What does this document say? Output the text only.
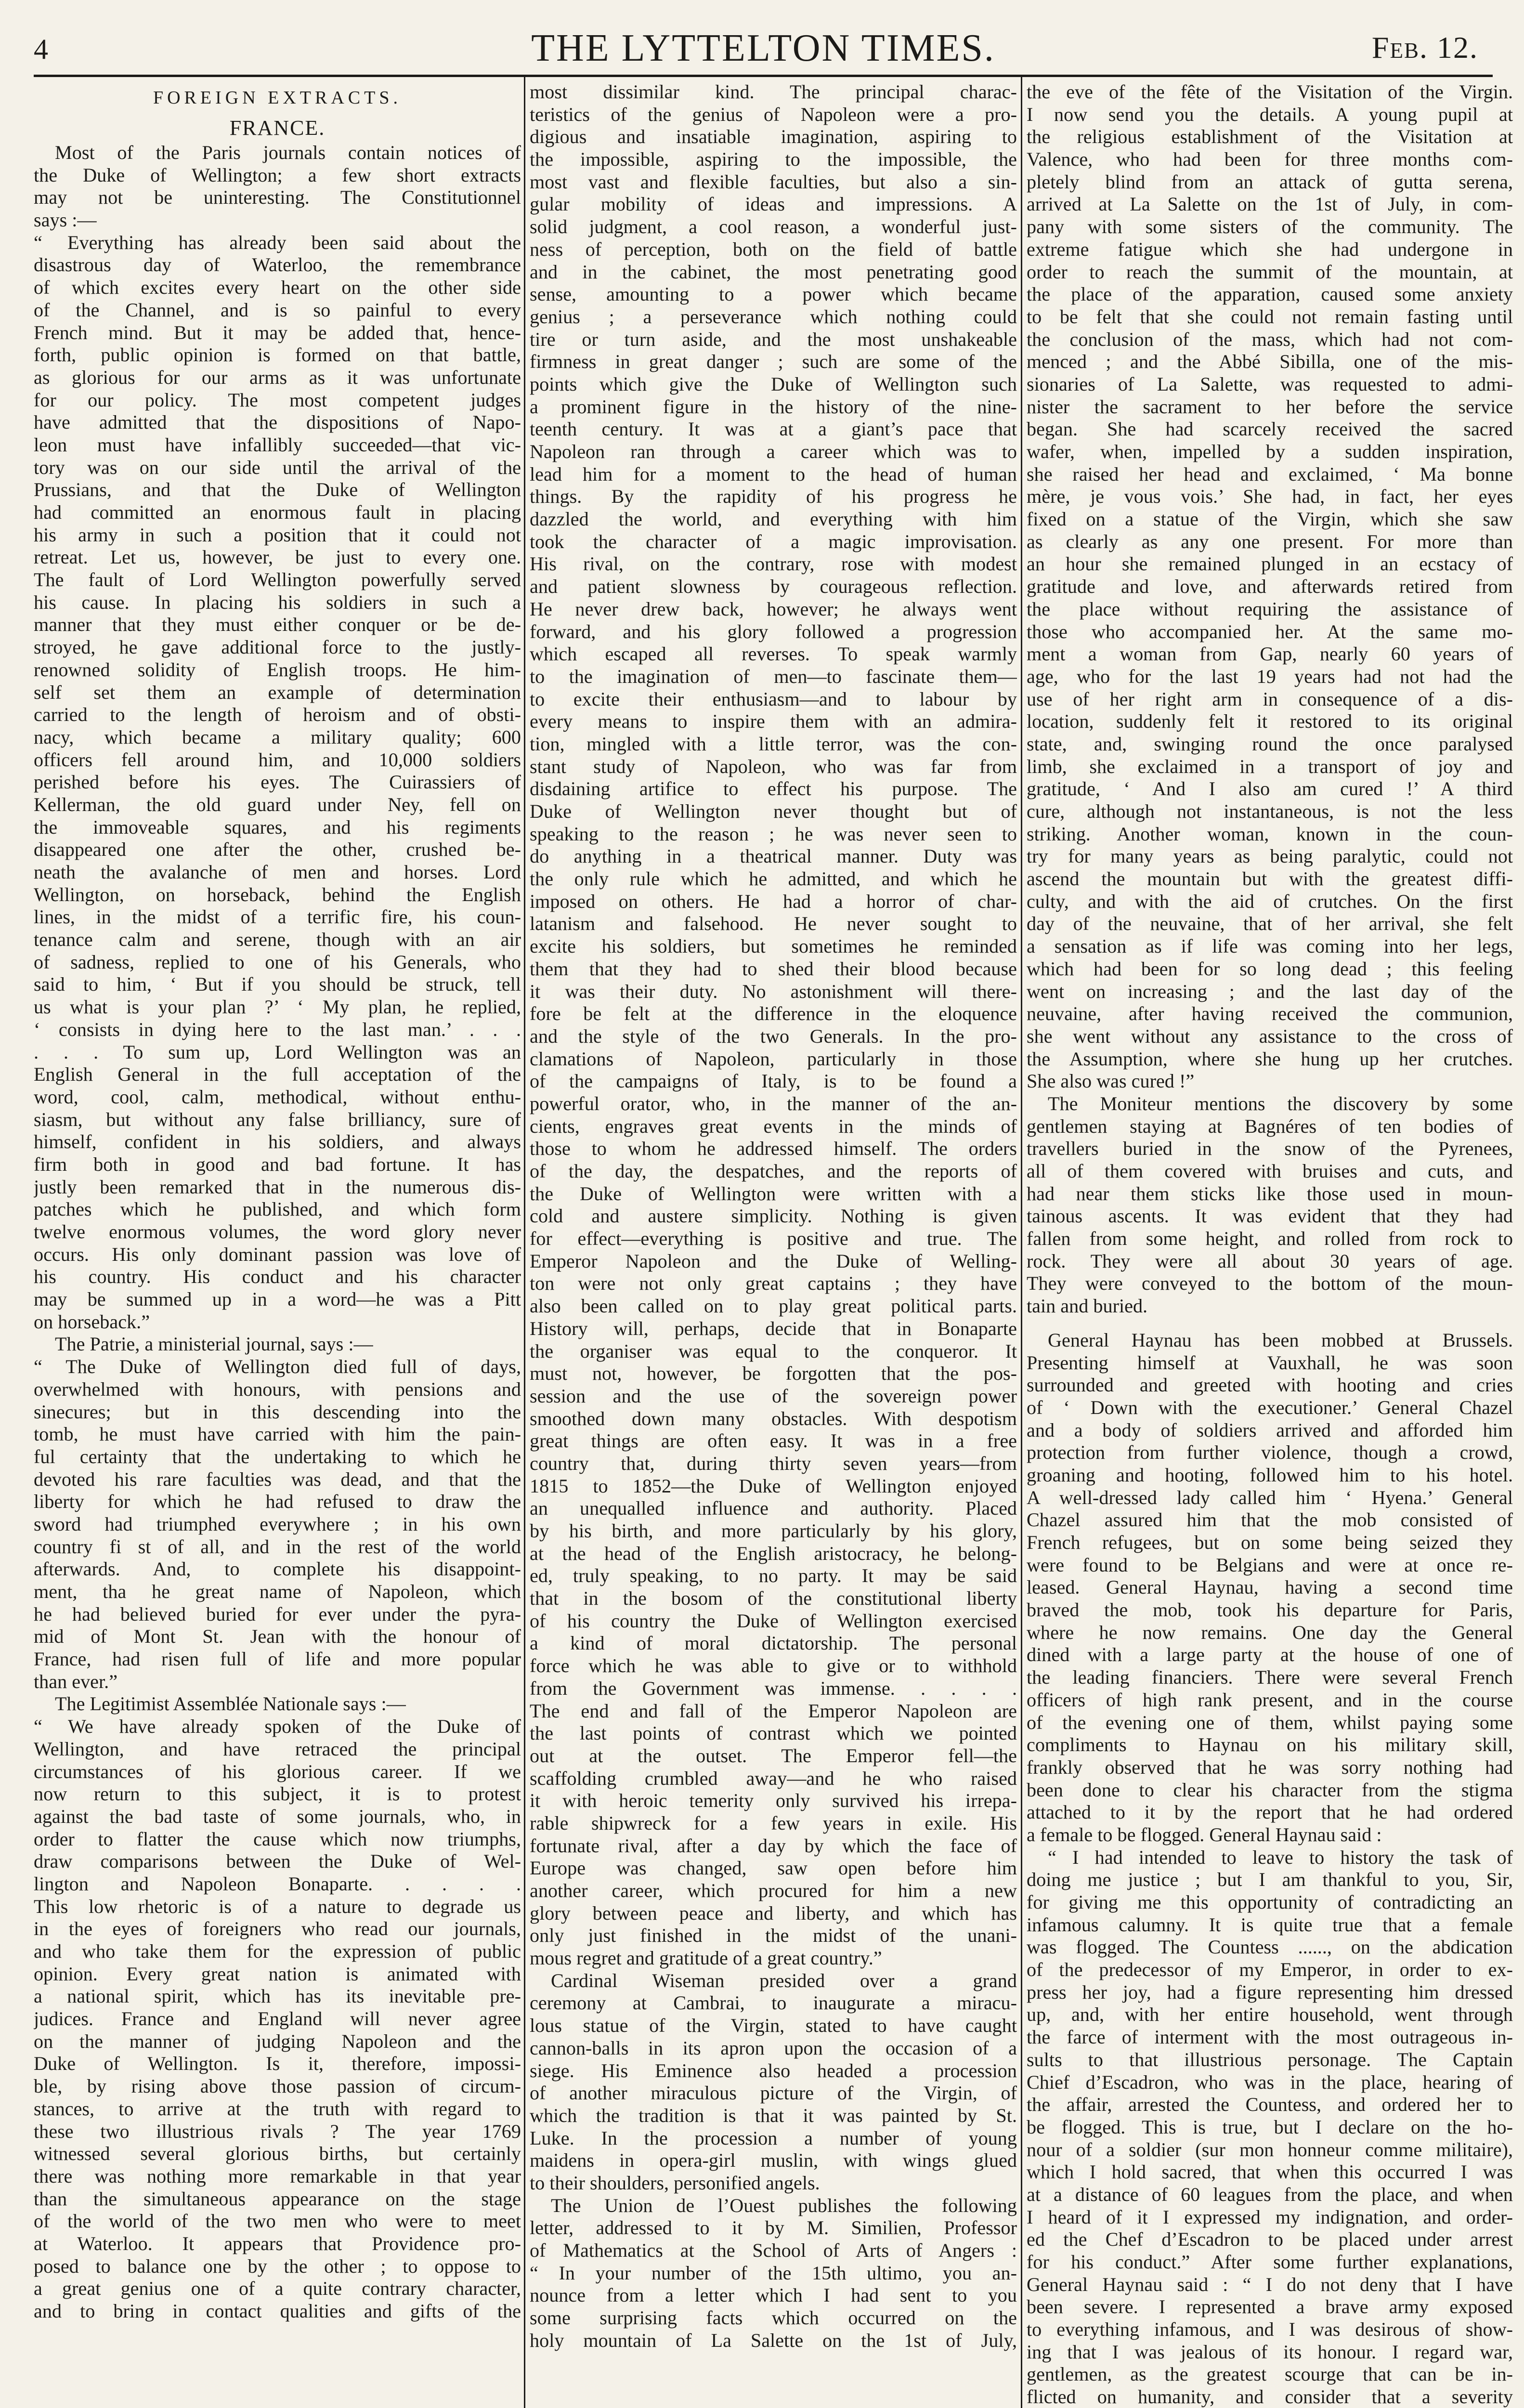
4	THE LYTTELTON TIMES.	Feb. 12.
FOREIGN EXTRACTS.
FRANCE.
Most of the Paris journals contain notices of
the Duke of Wellington; a few short extracts
may not be uninteresting. The Constitutionnel
says :—
“ Everything has already been said about the
disastrous day of Waterloo, the remembrance
of which excites every heart on the other side
of the Channel, and is so painful to every
French mind. But it may be added that, hence-
forth, public opinion is formed on that battle,
as glorious for our arms as it was unfortunate
for our policy. The most competent judges
have admitted that the dispositions of Napo-
leon must have infallibly succeeded—that vic-
tory was on our side until the arrival of the
Prussians, and that the Duke of Wellington
had committed an enormous fault in placing
his army in such a position that it could not
retreat. Let us, however, be just to every one.
The fault of Lord Wellington powerfully served
his cause. In placing his soldiers in such a
manner that they must either conquer or be de-
stroyed, he gave additional force to the justly-
renowned solidity of English troops. He him-
self set them an example of determination
carried to the length of heroism and of obsti-
nacy, which became a military quality; 600
officers fell around him, and 10,000 soldiers
perished before his eyes. The Cuirassiers of
Kellerman, the old guard under Ney, fell on
the immoveable squares, and his regiments
disappeared one after the other, crushed be-
neath the avalanche of men and horses. Lord
Wellington, on horseback, behind the English
lines, in the midst of a terrific fire, his coun-
tenance calm and serene, though with an air
of sadness, replied to one of his Generals, who
said to him, ‘ But if you should be struck, tell
us what is your plan ?’ ‘ My plan, he replied,
‘ consists in dying here to the last man.’ . . .
. . . To sum up, Lord Wellington was an
English General in the full acceptation of the
word, cool, calm, methodical, without enthu-
siasm, but without any false brilliancy, sure of
himself, confident in his soldiers, and always
firm both in good and bad fortune. It has
justly been remarked that in the numerous dis-
patches which he published, and which form
twelve enormous volumes, the word glory never
occurs. His only dominant passion was love of
his country. His conduct and his character
may be summed up in a word—he was a Pitt
on horseback.”
The Patrie, a ministerial journal, says :—
“ The Duke of Wellington died full of days,
overwhelmed with honours, with pensions and
sinecures; but in this descending into the
tomb, he must have carried with him the pain-
ful certainty that the undertaking to which he
devoted his rare faculties was dead, and that the
liberty for which he had refused to draw the
sword had triumphed everywhere ; in his own
country fi st of all, and in the rest of the world
afterwards. And, to complete his disappoint-
ment, tha he great name of Napoleon, which
he had believed buried for ever under the pyra-
mid of Mont St. Jean with the honour of
France, had risen full of life and more popular
than ever.”
The Legitimist Assemblée Nationale says :—
“ We have already spoken of the Duke of
Wellington, and have retraced the principal
circumstances of his glorious career. If we
now return to this subject, it is to protest
against the bad taste of some journals, who, in
order to flatter the cause which now triumphs,
draw comparisons between the Duke of Wel-
lington and Napoleon Bonaparte. . . . .
This low rhetoric is of a nature to degrade us
in the eyes of foreigners who read our journals,
and who take them for the expression of public
opinion. Every great nation is animated with
a national spirit, which has its inevitable pre-
judices. France and England will never agree
on the manner of judging Napoleon and the
Duke of Wellington. Is it, therefore, impossi-
ble, by rising above those passion of circum-
stances, to arrive at the truth with regard to
these two illustrious rivals ? The year 1769
witnessed several glorious births, but certainly
there was nothing more remarkable in that year
than the simultaneous appearance on the stage
of the world of the two men who were to meet
at Waterloo. It appears that Providence pro-
posed to balance one by the other ; to oppose to
a great genius one of a quite contrary character,
and to bring in contact qualities and gifts of the
most dissimilar kind. The principal charac-
teristics of the genius of Napoleon were a pro-
digious and insatiable imagination, aspiring to
the impossible, aspiring to the impossible, the
most vast and flexible faculties, but also a sin-
gular mobility of ideas and impressions. A
solid judgment, a cool reason, a wonderful just-
ness of perception, both on the field of battle
and in the cabinet, the most penetrating good
sense, amounting to a power which became
genius ; a perseverance which nothing could
tire or turn aside, and the most unshakeable
firmness in great danger ; such are some of the
points which give the Duke of Wellington such
a prominent figure in the history of the nine-
teenth century. It was at a giant’s pace that
Napoleon ran through a career which was to
lead him for a moment to the head of human
things. By the rapidity of his progress he
dazzled the world, and everything with him
took the character of a magic improvisation.
His rival, on the contrary, rose with modest
and patient slowness by courageous reflection.
He never drew back, however; he always went
forward, and his glory followed a progression
which escaped all reverses. To speak warmly
to the imagination of men—to fascinate them—
to excite their enthusiasm—and to labour by
every means to inspire them with an admira-
tion, mingled with a little terror, was the con-
stant study of Napoleon, who was far from
disdaining artifice to effect his purpose. The
Duke of Wellington never thought but of
speaking to the reason ; he was never seen to
do anything in a theatrical manner. Duty was
the only rule which he admitted, and which he
imposed on others. He had a horror of char-
latanism and falsehood. He never sought to
excite his soldiers, but sometimes he reminded
them that they had to shed their blood because
it was their duty. No astonishment will there-
fore be felt at the difference in the eloquence
and the style of the two Generals. In the pro-
clamations of Napoleon, particularly in those
of the campaigns of Italy, is to be found a
powerful orator, who, in the manner of the an-
cients, engraves great events in the minds of
those to whom he addressed himself. The orders
of the day, the despatches, and the reports of
the Duke of Wellington were written with a
cold and austere simplicity. Nothing is given
for effect—everything is positive and true. The
Emperor Napoleon and the Duke of Welling-
ton were not only great captains ; they have
also been called on to play great political parts.
History will, perhaps, decide that in Bonaparte
the organiser was equal to the conqueror. It
must not, however, be forgotten that the pos-
session and the use of the sovereign power
smoothed down many obstacles. With despotism
great things are often easy. It was in a free
country that, during thirty seven years—from
1815 to 1852—the Duke of Wellington enjoyed
an unequalled influence and authority. Placed
by his birth, and more particularly by his glory,
at the head of the English aristocracy, he belong-
ed, truly speaking, to no party. It may be said
that in the bosom of the constitutional liberty
of his country the Duke of Wellington exercised
a kind of moral dictatorship. The personal
force which he was able to give or to withhold
from the Government was immense. . . . .
The end and fall of the Emperor Napoleon are
the last points of contrast which we pointed
out at the outset. The Emperor fell—the
scaffolding crumbled away—and he who raised
it with heroic temerity only survived his irrepa-
rable shipwreck for a few years in exile. His
fortunate rival, after a day by which the face of
Europe was changed, saw open before him
another career, which procured for him a new
glory between peace and liberty, and which has
only just finished in the midst of the unani-
mous regret and gratitude of a great country.”
Cardinal Wiseman presided over a grand
ceremony at Cambrai, to inaugurate a miracu-
lous statue of the Virgin, stated to have caught
cannon-balls in its apron upon the occasion of a
siege. His Eminence also headed a procession
of another miraculous picture of the Virgin, of
which the tradition is that it was painted by St.
Luke. In the procession a number of young
maidens in opera-girl muslin, with wings glued
to their shoulders, personified angels.
The Union de l’Ouest publishes the following
letter, addressed to it by M. Similien, Professor
of Mathematics at the School of Arts of Angers :
“ In your number of the 15th ultimo, you an-
nounce from a letter which I had sent to you
some surprising facts which occurred on the
holy mountain of La Salette on the 1st of July,
the eve of the fête of the Visitation of the Virgin.
I now send you the details. A young pupil at
the religious establishment of the Visitation at
Valence, who had been for three months com-
pletely blind from an attack of gutta serena,
arrived at La Salette on the 1st of July, in com-
pany with some sisters of the community. The
extreme fatigue which she had undergone in
order to reach the summit of the mountain, at
the place of the apparation, caused some anxiety
to be felt that she could not remain fasting until
the conclusion of the mass, which had not com-
menced ; and the Abbé Sibilla, one of the mis-
sionaries of La Salette, was requested to admi-
nister the sacrament to her before the service
began. She had scarcely received the sacred
wafer, when, impelled by a sudden inspiration,
she raised her head and exclaimed, ‘ Ma bonne
mère, je vous vois.’ She had, in fact, her eyes
fixed on a statue of the Virgin, which she saw
as clearly as any one present. For more than
an hour she remained plunged in an ecstacy of
gratitude and love, and afterwards retired from
the place without requiring the assistance of
those who accompanied her. At the same mo-
ment a woman from Gap, nearly 60 years of
age, who for the last 19 years had not had the
use of her right arm in consequence of a dis-
location, suddenly felt it restored to its original
state, and, swinging round the once paralysed
limb, she exclaimed in a transport of joy and
gratitude, ‘ And I also am cured !’ A third
cure, although not instantaneous, is not the less
striking. Another woman, known in the coun-
try for many years as being paralytic, could not
ascend the mountain but with the greatest diffi-
culty, and with the aid of crutches. On the first
day of the neuvaine, that of her arrival, she felt
a sensation as if life was coming into her legs,
which had been for so long dead ; this feeling
went on increasing ; and the last day of the
neuvaine, after having received the communion,
she went without any assistance to the cross of
the Assumption, where she hung up her crutches.
She also was cured !”
The Moniteur mentions the discovery by some
gentlemen staying at Bagnéres of ten bodies of
travellers buried in the snow of the Pyrenees,
all of them covered with bruises and cuts, and
had near them sticks like those used in moun-
tainous ascents. It was evident that they had
fallen from some height, and rolled from rock to
rock. They were all about 30 years of age.
They were conveyed to the bottom of the moun-
tain and buried.
General Haynau has been mobbed at Brussels.
Presenting himself at Vauxhall, he was soon
surrounded and greeted with hooting and cries
of ‘ Down with the executioner.’ General Chazel
and a body of soldiers arrived and afforded him
protection from further violence, though a crowd,
groaning and hooting, followed him to his hotel.
A well-dressed lady called him ‘ Hyena.’ General
Chazel assured him that the mob consisted of
French refugees, but on some being seized they
were found to be Belgians and were at once re-
leased. General Haynau, having a second time
braved the mob, took his departure for Paris,
where he now remains. One day the General
dined with a large party at the house of one of
the leading financiers. There were several French
officers of high rank present, and in the course
of the evening one of them, whilst paying some
compliments to Haynau on his military skill,
frankly observed that he was sorry nothing had
been done to clear his character from the stigma
attached to it by the report that he had ordered
a female to be flogged. General Haynau said :
“ I had intended to leave to history the task of
doing me justice ; but I am thankful to you, Sir,
for giving me this opportunity of contradicting an
infamous calumny. It is quite true that a female
was flogged. The Countess ......, on the abdication
of the predecessor of my Emperor, in order to ex-
press her joy, had a figure representing him dressed
up, and, with her entire household, went through
the farce of interment with the most outrageous in-
sults to that illustrious personage. The Captain
Chief d’Escadron, who was in the place, hearing of
the affair, arrested the Countess, and ordered her to
be flogged. This is true, but I declare on the ho-
nour of a soldier (sur mon honneur comme militaire),
which I hold sacred, that when this occurred I was
at a distance of 60 leagues from the place, and when
I heard of it I expressed my indignation, and order-
ed the Chef d’Escadron to be placed under arrest
for his conduct.” After some further explanations,
General Haynau said : “ I do not deny that I have
been severe. I represented a brave army exposed
to everything infamous, and I was desirous of show-
ing that I was jealous of its honour. I regard war,
gentlemen, as the greatest scourge that can be in-
flicted on humanity, and consider that a severity
